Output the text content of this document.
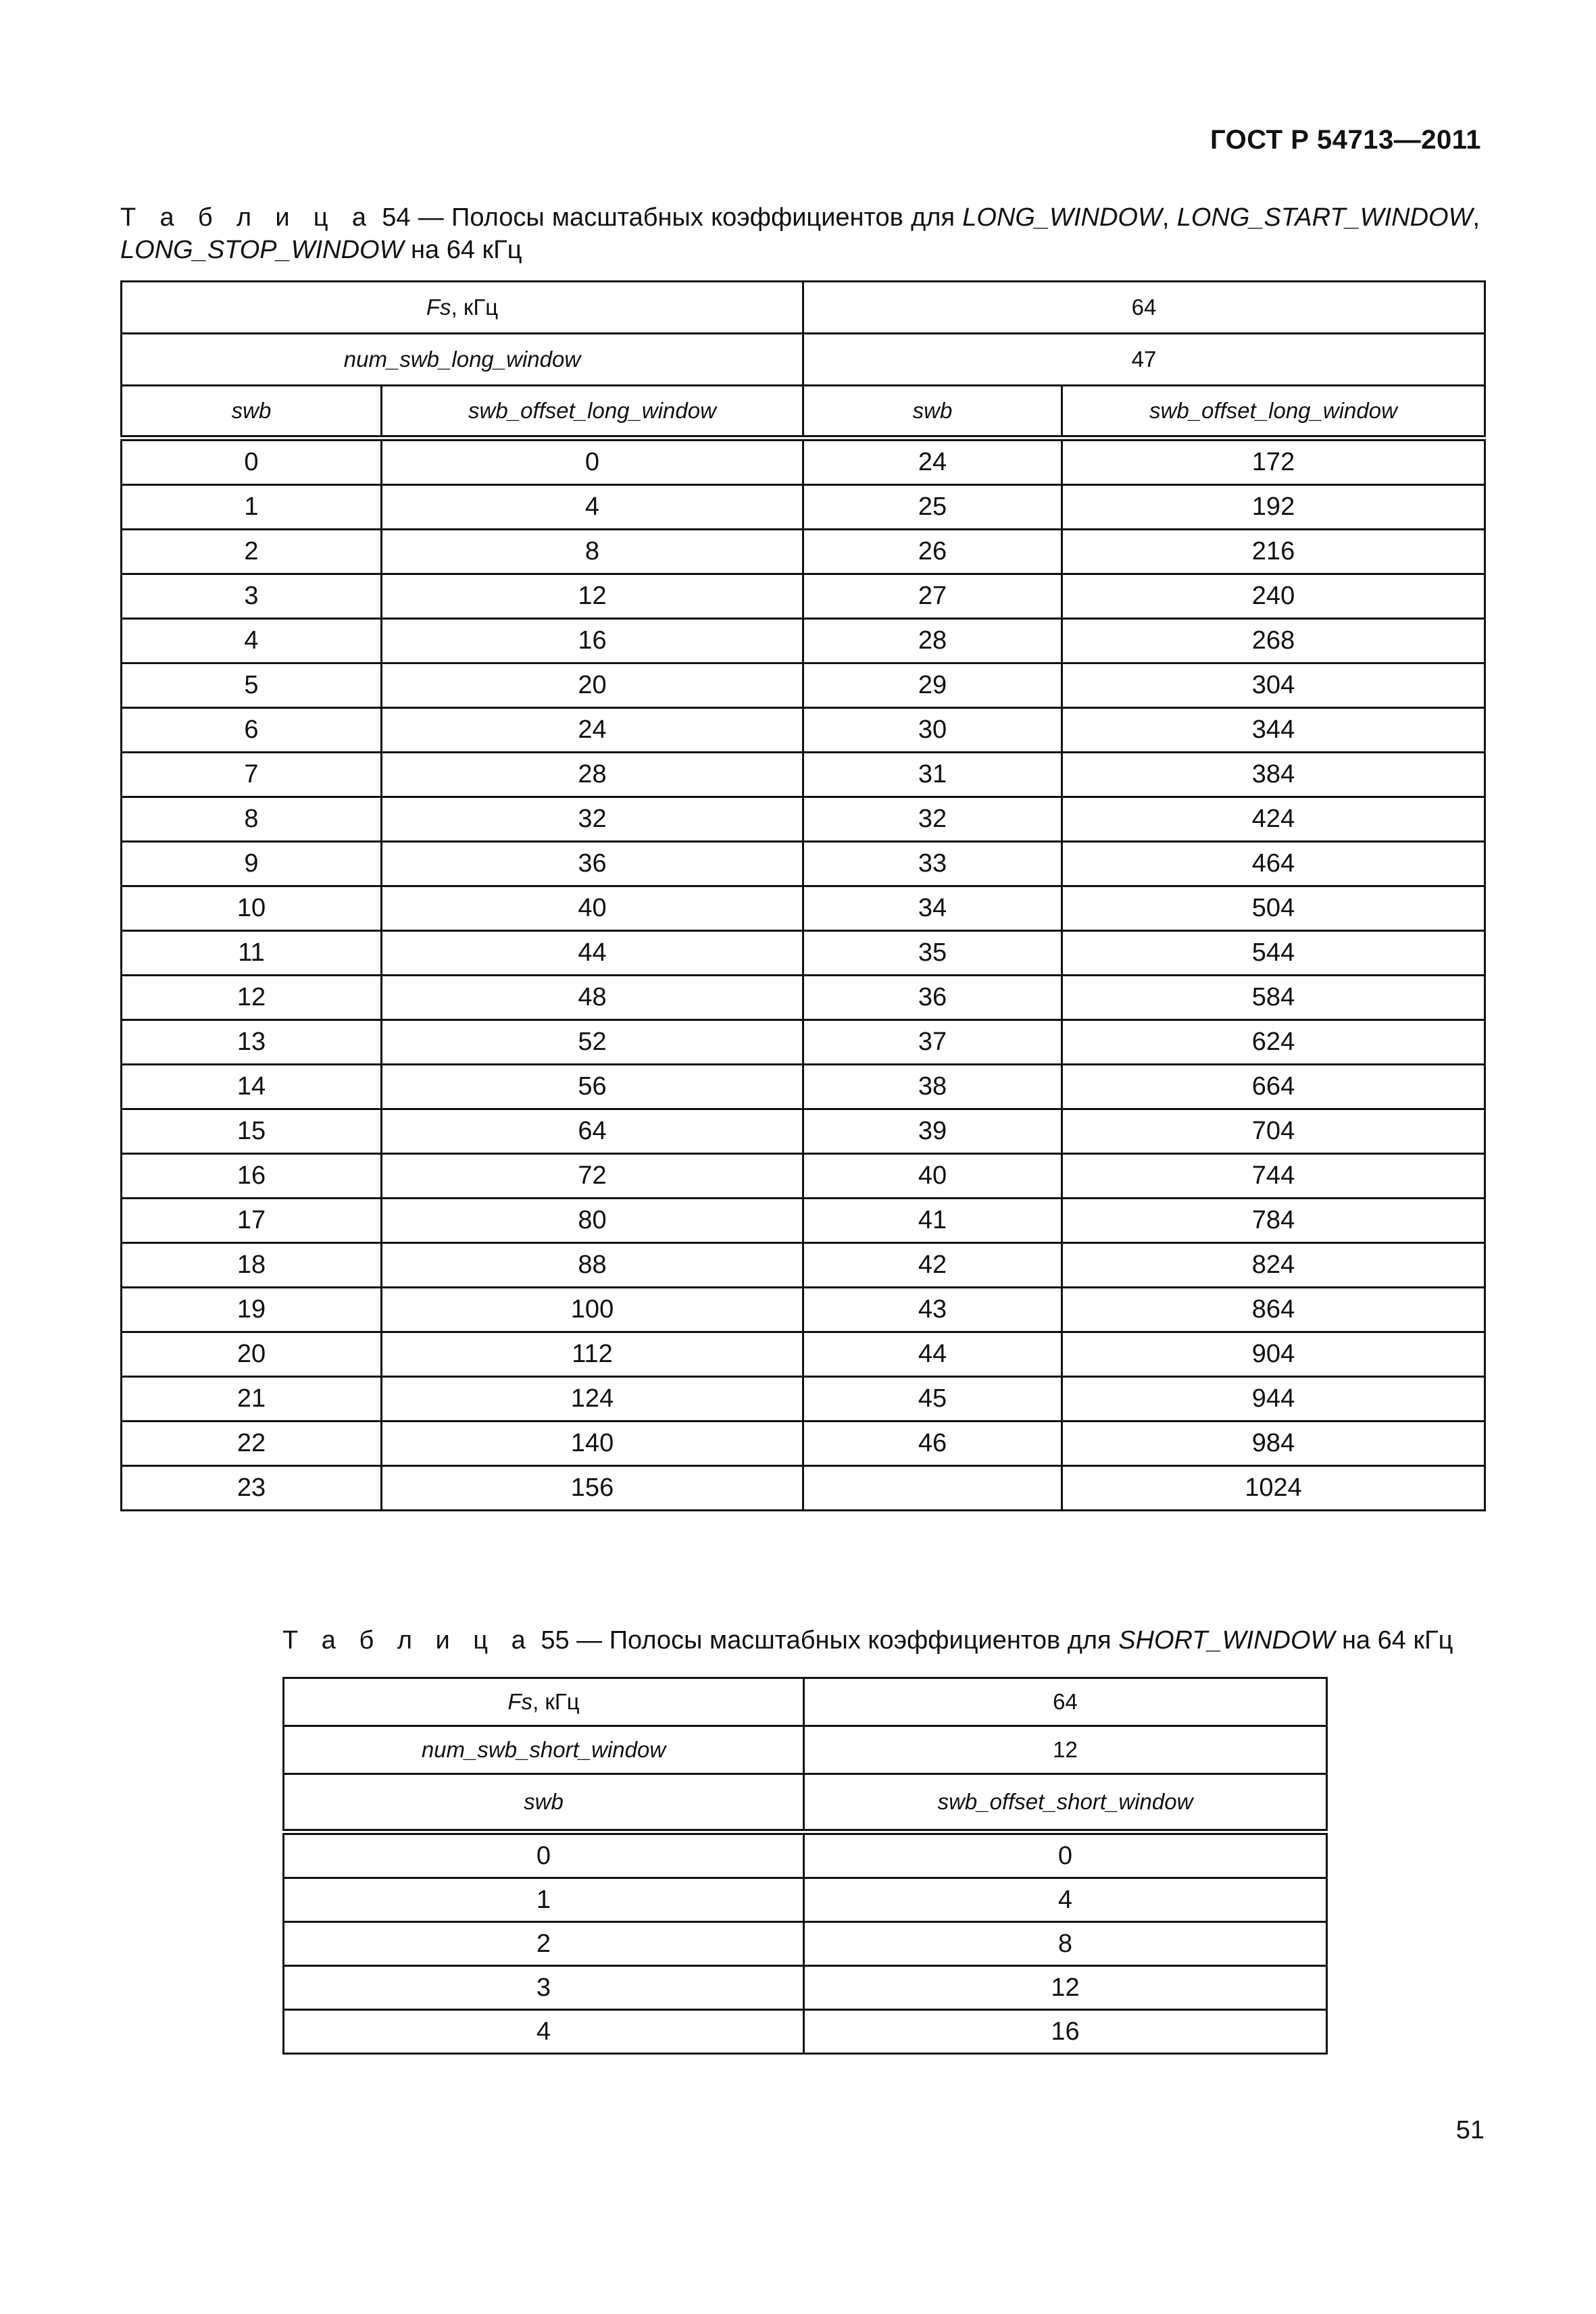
ГОСТ Р 54713—2011
Т а б л и ц а 54 — Полосы масштабных коэффициентов для LONG_WINDOW, LONG_START_WINDOW, LONG_STOP_WINDOW на 64 кГц
Fs, кГц		64	
num_swb_long_window		47	
swb	swb_offset_long_window	swb	swb_offset_long_window
0	0	24	172
1	4	25	192
2	8	26	216
3	12	27	240
4	16	28	268
5	20	29	304
6	24	30	344
7	28	31	384
8	32	32	424
9	36	33	464
10	40	34	504
11	44	35	544
12	48	36	584
13	52	37	624
14	56	38	664
15	64	39	704
16	72	40	744
17	80	41	784
18	88	42	824
19	100	43	864
20	112	44	904
21	124	45	944
22	140	46	984
23	156		1024
Т а б л и ц а 55 — Полосы масштабных коэффициентов для SHORT_WINDOW на 64 кГц
Fs, кГц	64
num_swb_short_window	12
swb	swb_offset_short_window
0	0
1	4
2	8
3	12
4	16
51
